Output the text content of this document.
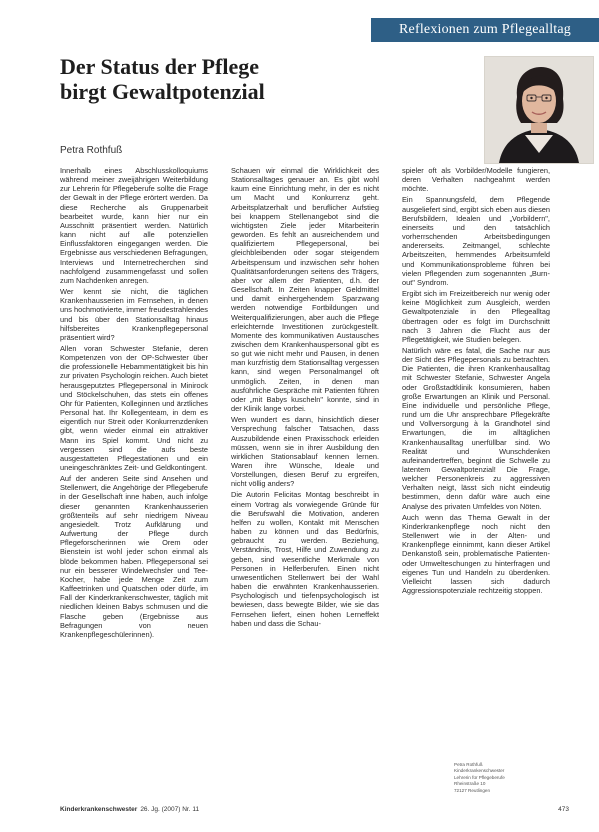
Reflexionen zum Pflegealltag
Der Status der Pflege
birgt Gewaltpotenzial
Petra Rothfuß

Innerhalb eines Abschlusskolloquiums während meiner zweijährigen Weiterbildung zur Lehrerin für Pflegeberufe sollte die Frage der Gewalt in der Pflege erörtert werden. Da diese Recherche als Gruppenarbeit bearbeitet wurde, kann hier nur ein Ausschnitt präsentiert werden. Natürlich kann nicht auf alle potenziellen Einflussfaktoren eingegangen werden. Die Ergebnisse aus verschiedenen Befragungen, Interviews und Internetrecherchen sind nachfolgend zusammengefasst und sollen zum Nachdenken anregen.

Wer kennt sie nicht, die täglichen Krankenhausserien im Fernsehen, in denen uns hochmotivierte, immer freudestrahlendes und bis über den Stationsalltag hinaus hilfsbereites Krankenpflegepersonal präsentiert wird?

Allen voran Schwester Stefanie, deren Kompetenzen von der OP-Schwester über die professionelle Hebammentätigkeit bis hin zur privaten Psychologin reichen. Auch bietet herausgeputztes Pflegepersonal in Minirock und Stöckelschuhen, das stets ein offenes Ohr für Patienten, Kolleginnen und ärztliches Personal hat. Ihr Kollegenteam, in dem es eigentlich nur Streit oder Konkurrenzdenken gibt, wenn wieder einmal ein attraktiver Mann ins Spiel kommt. Und nicht zu vergessen sind die aufs beste ausgestatteten Pflegestationen und ein uneingeschränktes Zeit- und Geldkontingent.

Auf der anderen Seite sind Ansehen und Stellenwert, die Angehörige der Pflegeberufe in der Gesellschaft inne haben, auch infolge dieser genannten Krankenhausserien größtenteils auf sehr niedrigem Niveau angesiedelt. Trotz Aufklärung und Aufwertung der Pflege durch Pflegeforscherinnen wie Orem oder Bienstein ist wohl jeder schon einmal als blöde bekommen haben. Pflegepersonal sei nur ein besserer Windelwechsler und Tee-Kocher, habe jede Menge Zeit zum Kaffeetrinken und Quatschen oder dürfe, im Fall der Kinderkrankenschwester, täglich mit niedlichen kleinen Babys schmusen und die Flasche geben (Ergebnisse aus Befragungen von neuen Krankenpflegeschülerinnen).

Schauen wir einmal die Wirklichkeit des Stationsalltages genauer an. Es gibt wohl kaum eine Einrichtung mehr, in der es nicht um Macht und Konkurrenz geht. Arbeitsplatzerhalt und beruflicher Aufstieg bei knappem Stellenangebot sind die wichtigsten Ziele jeder Mitarbeiterin geworden. Es fehlt an ausreichendem und qualifiziertem Pflegepersonal, bei gleichbleibenden oder sogar steigendem Arbeitspensum und inzwischen sehr hohen Qualitätsanforderungen seitens des Trägers, aber vor allem der Patienten, d.h. der Gesellschaft. In Zeiten knapper Geldmittel und damit einhergehendem Sparzwang werden notwendige Fortbildungen und Weiterqualifizierungen, aber auch die Pflege erleichternde Investitionen zurückgestellt. Momente des kommunikativen Austausches zwischen dem Krankenhauspersonal gibt es so gut wie nicht mehr und Pausen, in denen man kurzfristig dem Stationsalltag vergessen kann, sind wegen Personalmangel oft unmöglich. Zeiten, in denen man ausführliche Gespräche mit Patienten führen oder „mit Babys kuscheln" konnte, sind in der Klinik lange vorbei.

Wen wundert es dann, hinsichtlich dieser Versprechung falscher Tatsachen, dass Auszubildende einen Praxisschock erleiden müssen, wenn sie in ihrer Ausbildung den wirklichen Stationsablauf kennen lernen. Waren ihre Wünsche, Ideale und Vorstellungen, diesen Beruf zu ergreifen, nicht völlig anders?

Die Autorin Felicitas Montag beschreibt in einem Vortrag als vorwiegende Gründe für die Berufswahl die Motivation, anderen helfen zu wollen, Kontakt mit Menschen haben zu können und das Bedürfnis, gebraucht zu werden. Beziehung, Verständnis, Trost, Hilfe und Zuwendung zu geben, sind wesentliche Merkmale von Personen in Helferberufen. Einen nicht unwesentlichen Stellenwert bei der Wahl haben die erwähnten Krankenhausserien. Psychologisch und tiefenpsychologisch ist bewiesen, dass bewegte Bilder, wie sie das Fernsehen liefert, einen hohen Lerneffekt haben und dass die Schau-

spieler oft als Vorbilder/Modelle fungieren, deren Verhalten nachgeahmt werden möchte.

Ein Spannungsfeld, dem Pflegende ausgeliefert sind, ergibt sich eben aus diesen Berufsbildern, Idealen und „Vorbildern", einerseits und den tatsächlich vorherrschenden Arbeitsbedingungen andererseits. Zeitmangel, schlechte Arbeitszeiten, hemmendes Arbeitsumfeld und Kommunikationsprobleme führen bei vielen Pflegenden zum sogenannten „Burn-out" Syndrom.

Ergibt sich im Freizeitbereich nur wenig oder keine Möglichkeit zum Ausgleich, werden Gewaltpotenziale in den Pflegealltag übertragen oder es folgt im Durchschnitt nach 3 Jahren die Flucht aus der Pflegetätigkeit, wie Studien belegen.

Natürlich wäre es fatal, die Sache nur aus der Sicht des Pflegepersonals zu betrachten. Die Patienten, die ihren Krankenhausalltag mit Schwester Stefanie, Schwester Angela oder Großstadtklinik konsumieren, haben große Erwartungen an Klinik und Personal. Eine individuelle und persönliche Pflege, rund um die Uhr ansprechbare Pflegekräfte und Vollversorgung à la Grandhotel sind Erwartungen, die im alltäglichen Krankenhausalltag unerfüllbar sind. Wo Realität und Wunschdenken aufeinandertreffen, beginnt die Schwelle zu latentem Gewaltpotenzial! Die Frage, welcher Personenkreis zu aggressiven Verhalten neigt, lässt sich nicht eindeutig bestimmen, denn dafür wäre auch eine Analyse des privaten Umfeldes von Nöten.

Auch wenn das Thema Gewalt in der Kinderkrankenpflege noch nicht den Stellenwert wie in der Alten- und Krankenpflege einnimmt, kann dieser Artikel Denkanstoß sein, problematische Patienten- oder Umwelteschungen zu hinterfragen und eigenes Tun und Handeln zu überdenken. Vielleicht lassen sich dadurch Aggressionspotenziale rechtzeitig stoppen.

Petra Rothfuß
Kinderkrankenschwester
Lehrerin für Pflegeberufe
Rheinstraße 10
72127 Reutlingen
Kinderkrankenschwester 26. Jg. (2007) Nr. 11	473
